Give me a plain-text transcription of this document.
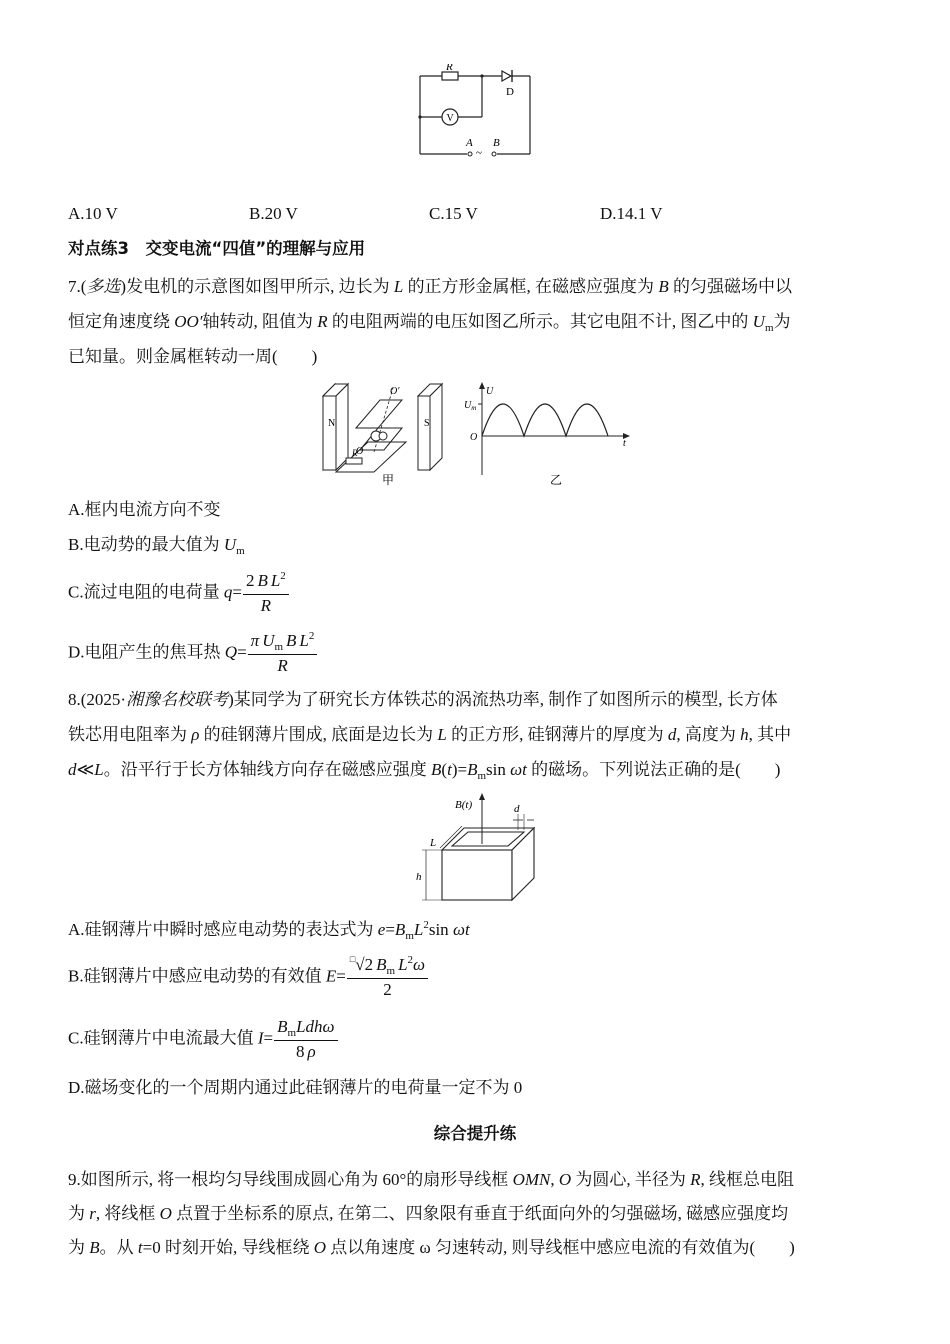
R
V
D
A B
~
A.10 V	B.20 V	C.15 V	D.14.1 V
对点练3　交变电流“四值”的理解与应用
7.(多选)发电机的示意图如图甲所示, 边长为 L 的正方形金属框, 在磁感应强度为 B 的匀强磁场中以
恒定角速度绕 OO′轴转动, 阻值为 R 的电阻两端的电压如图乙所示。其它电阻不计, 图乙中的 $U_m$为
已知量。则金属框转动一周(　　)
N	S
O′
O
R
甲
U
$U_m$
O
t
乙
A.框内电流方向不变
B.电动势的最大值为 $U_m$
C.流过电阻的电荷量 $q= \frac{2 B L^2}{R}$
D.电阻产生的焦耳热 $Q= \frac{\pi U_m B L^2}{R}$
8.(2025·湘豫名校联考)某同学为了研究长方体铁芯的涡流热功率, 制作了如图所示的模型, 长方体
铁芯用电阻率为 ρ 的硅钢薄片围成, 底面是边长为 L 的正方形, 硅钢薄片的厚度为 d, 高度为 h, 其中
d≪L。沿平行于长方体轴线方向存在磁感应强度 $B(t)=B_m\sin$ ωt 的磁场。下列说法正确的是(　　)
B(t)	d
L
h
A.硅钢薄片中瞬时感应电动势的表达式为 $e=B_mL^2\sin$ ωt
B.硅钢薄片中感应电动势的有效值 $E= \frac{^□√2 B_m L^2\omega}{2}$
C.硅钢薄片中电流最大值 $I= \frac{B_mLdh\omega}{8 \rho}$
D.磁场变化的一个周期内通过此硅钢薄片的电荷量一定不为 0
综合提升练
9.如图所示, 将一根均匀导线围成圆心角为 60°的扇形导线框 OMN, O 为圆心, 半径为 R, 线框总电阻
为 r, 将线框 O 点置于坐标系的原点, 在第二、四象限有垂直于纸面向外的匀强磁场, 磁感应强度均
为 B。从 t=0 时刻开始, 导线框绕 O 点以角速度 ω 匀速转动, 则导线框中感应电流的有效值为(　　)
